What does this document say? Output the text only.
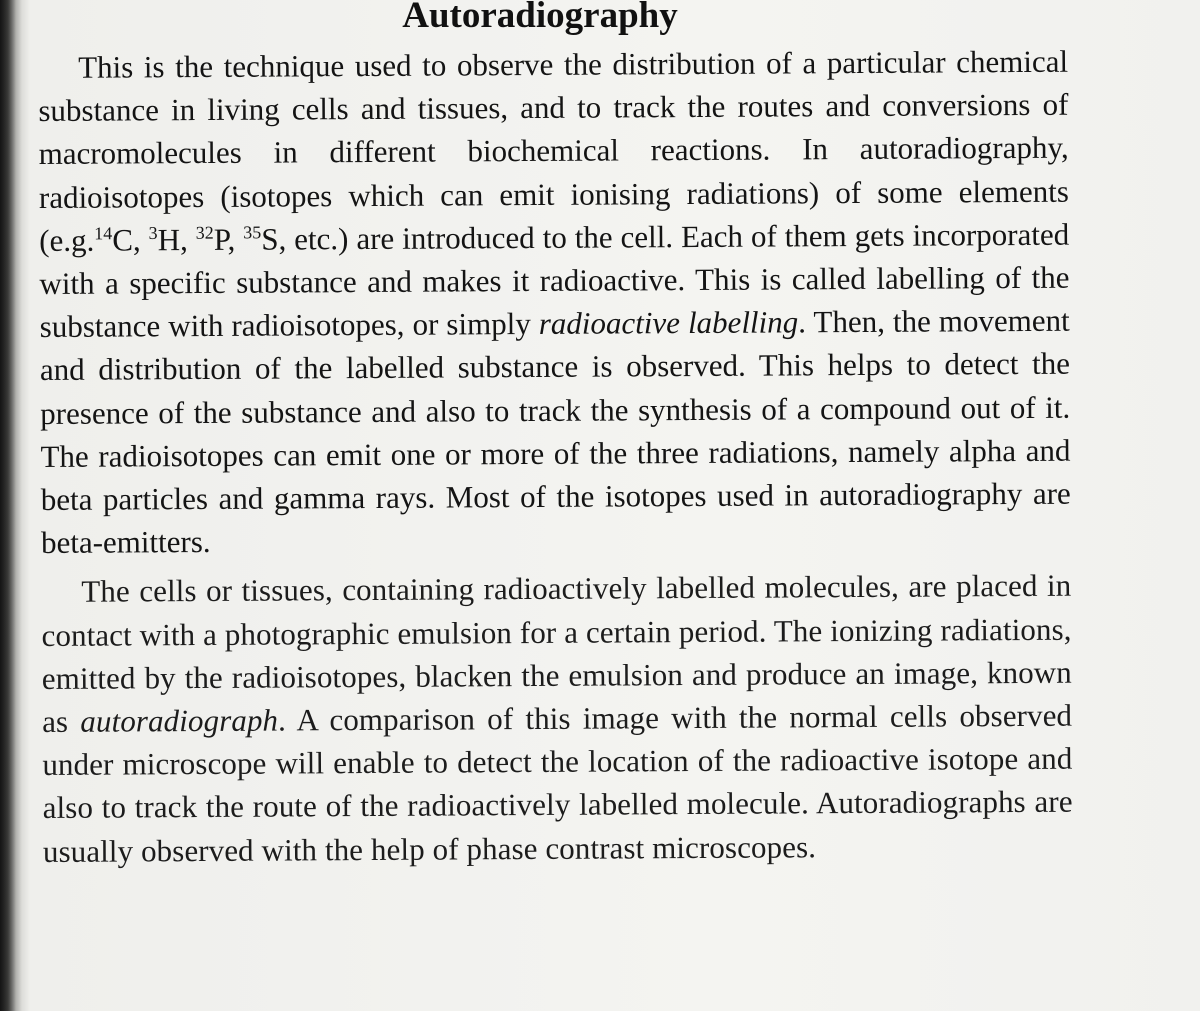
Autoradiography

This is the technique used to observe the distribution of a particular chemical substance in living cells and tissues, and to track the routes and conversions of macromolecules in different biochemical reactions. In autoradiography, radioisotopes (isotopes which can emit ionising radiations) of some elements (e.g.$^{14}$C, $^3$H, $^{32}$P, $^{35}$S, etc.) are introduced to the cell. Each of them gets incorporated with a specific substance and makes it radioactive. This is called labelling of the substance with radioisotopes, or simply radioactive labelling. Then, the movement and distribution of the labelled substance is observed. This helps to detect the presence of the substance and also to track the synthesis of a compound out of it. The radioisotopes can emit one or more of the three radiations, namely alpha and beta particles and gamma rays. Most of the isotopes used in autoradiography are beta-emitters.

The cells or tissues, containing radioactively labelled molecules, are placed in contact with a photographic emulsion for a certain period. The ionizing radiations, emitted by the radioisotopes, blacken the emulsion and produce an image, known as autoradiograph. A comparison of this image with the normal cells observed under microscope will enable to detect the location of the radioactive isotope and also to track the route of the radioactively labelled molecule. Autoradiographs are usually observed with the help of phase contrast microscopes.
